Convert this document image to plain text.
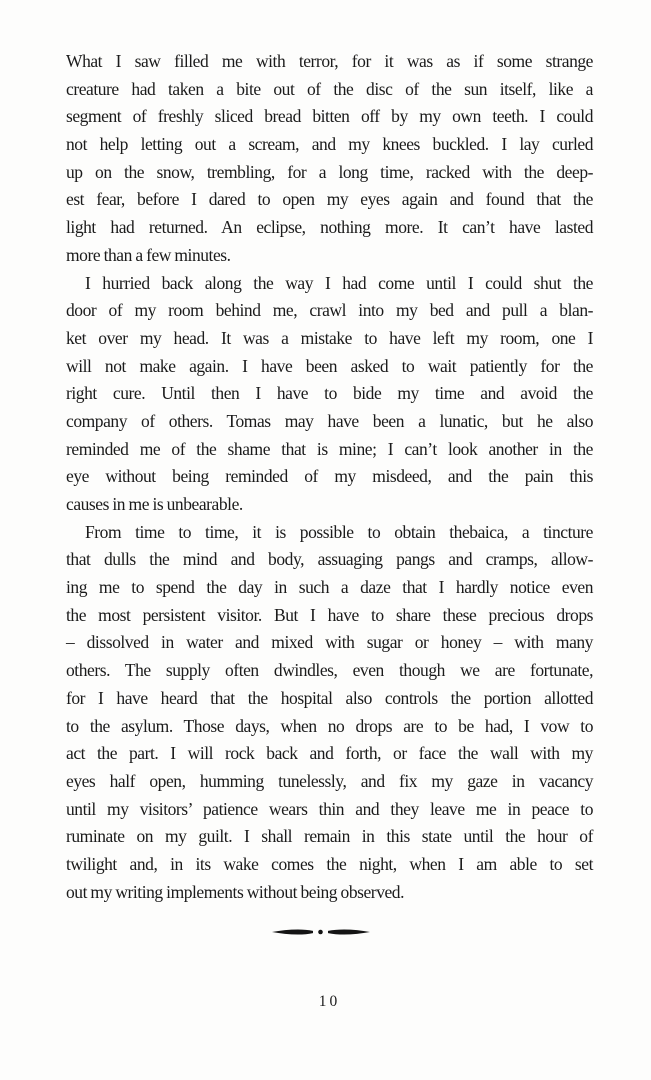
What I saw filled me with terror, for it was as if some strange
creature had taken a bite out of the disc of the sun itself, like a
segment of freshly sliced bread bitten off by my own teeth. I could
not help letting out a scream, and my knees buckled. I lay curled
up on the snow, trembling, for a long time, racked with the deep-
est fear, before I dared to open my eyes again and found that the
light had returned. An eclipse, nothing more. It can’t have lasted
more than a few minutes.
I hurried back along the way I had come until I could shut the
door of my room behind me, crawl into my bed and pull a blan-
ket over my head. It was a mistake to have left my room, one I
will not make again. I have been asked to wait patiently for the
right cure. Until then I have to bide my time and avoid the
company of others. Tomas may have been a lunatic, but he also
reminded me of the shame that is mine; I can’t look another in the
eye without being reminded of my misdeed, and the pain this
causes in me is unbearable.
From time to time, it is possible to obtain thebaica, a tincture
that dulls the mind and body, assuaging pangs and cramps, allow-
ing me to spend the day in such a daze that I hardly notice even
the most persistent visitor. But I have to share these precious drops
– dissolved in water and mixed with sugar or honey – with many
others. The supply often dwindles, even though we are fortunate,
for I have heard that the hospital also controls the portion allotted
to the asylum. Those days, when no drops are to be had, I vow to
act the part. I will rock back and forth, or face the wall with my
eyes half open, humming tunelessly, and fix my gaze in vacancy
until my visitors’ patience wears thin and they leave me in peace to
ruminate on my guilt. I shall remain in this state until the hour of
twilight and, in its wake comes the night, when I am able to set
out my writing implements without being observed.
10
